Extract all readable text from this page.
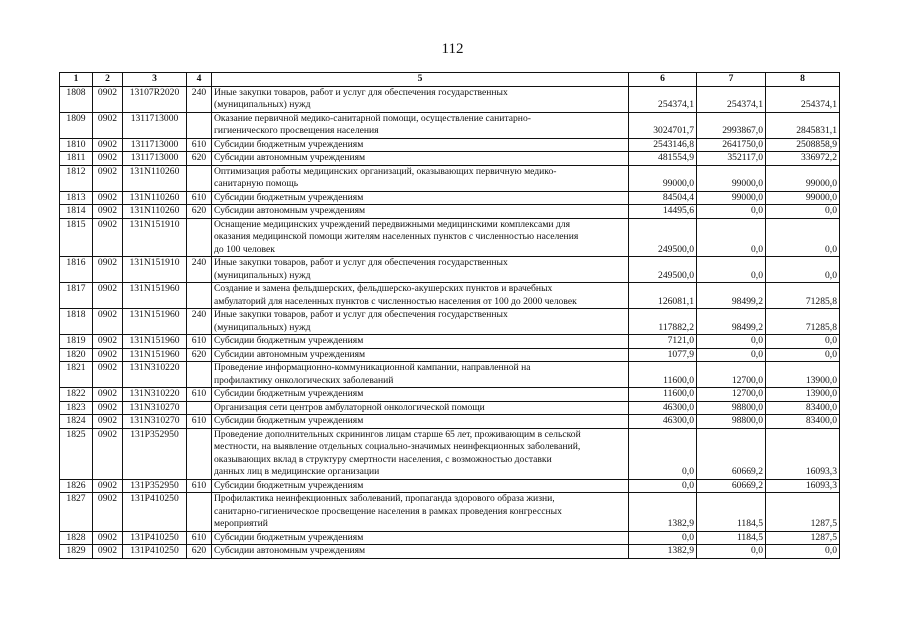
112
1	2	3	4	5	6	7	8
1808	0902	13107R2020	240	Иные закупки товаров, работ и услуг для обеспечения государственных
(муниципальных) нужд	254374,1	254374,1	254374,1
1809	0902	1311713000		Оказание первичной медико-санитарной помощи, осуществление санитарно-
гигиенического просвещения населения	3024701,7	2993867,0	2845831,1
1810	0902	1311713000	610	Субсидии бюджетным учреждениям	2543146,8	2641750,0	2508858,9
1811	0902	1311713000	620	Субсидии автономным учреждениям	481554,9	352117,0	336972,2
1812	0902	131N110260		Оптимизация работы медицинских организаций, оказывающих первичную медико-
санитарную помощь	99000,0	99000,0	99000,0
1813	0902	131N110260	610	Субсидии бюджетным учреждениям	84504,4	99000,0	99000,0
1814	0902	131N110260	620	Субсидии автономным учреждениям	14495,6	0,0	0,0
1815	0902	131N151910		Оснащение медицинских учреждений передвижными медицинскими комплексами для
оказания медицинской помощи жителям населенных пунктов с численностью населения
до 100 человек	249500,0	0,0	0,0
1816	0902	131N151910	240	Иные закупки товаров, работ и услуг для обеспечения государственных
(муниципальных) нужд	249500,0	0,0	0,0
1817	0902	131N151960		Создание и замена фельдшерских, фельдшерско-акушерских пунктов и врачебных
амбулаторий для населенных пунктов с численностью населения от 100 до 2000 человек	126081,1	98499,2	71285,8
1818	0902	131N151960	240	Иные закупки товаров, работ и услуг для обеспечения государственных
(муниципальных) нужд	117882,2	98499,2	71285,8
1819	0902	131N151960	610	Субсидии бюджетным учреждениям	7121,0	0,0	0,0
1820	0902	131N151960	620	Субсидии автономным учреждениям	1077,9	0,0	0,0
1821	0902	131N310220		Проведение информационно-коммуникационной кампании, направленной на
профилактику онкологических заболеваний	11600,0	12700,0	13900,0
1822	0902	131N310220	610	Субсидии бюджетным учреждениям	11600,0	12700,0	13900,0
1823	0902	131N310270		Организация сети центров амбулаторной онкологической помощи	46300,0	98800,0	83400,0
1824	0902	131N310270	610	Субсидии бюджетным учреждениям	46300,0	98800,0	83400,0
1825	0902	131P352950		Проведение дополнительных скринингов лицам старше 65 лет, проживающим в сельской
местности, на выявление отдельных социально-значимых неинфекционных заболеваний,
оказывающих вклад в структуру смертности населения, с возможностью доставки
данных лиц в медицинские организации	0,0	60669,2	16093,3
1826	0902	131P352950	610	Субсидии бюджетным учреждениям	0,0	60669,2	16093,3
1827	0902	131P410250		Профилактика неинфекционных заболеваний, пропаганда здорового образа жизни,
санитарно-гигиеническое просвещение населения в рамках проведения конгрессных
мероприятий	1382,9	1184,5	1287,5
1828	0902	131P410250	610	Субсидии бюджетным учреждениям	0,0	1184,5	1287,5
1829	0902	131P410250	620	Субсидии автономным учреждениям	1382,9	0,0	0,0
